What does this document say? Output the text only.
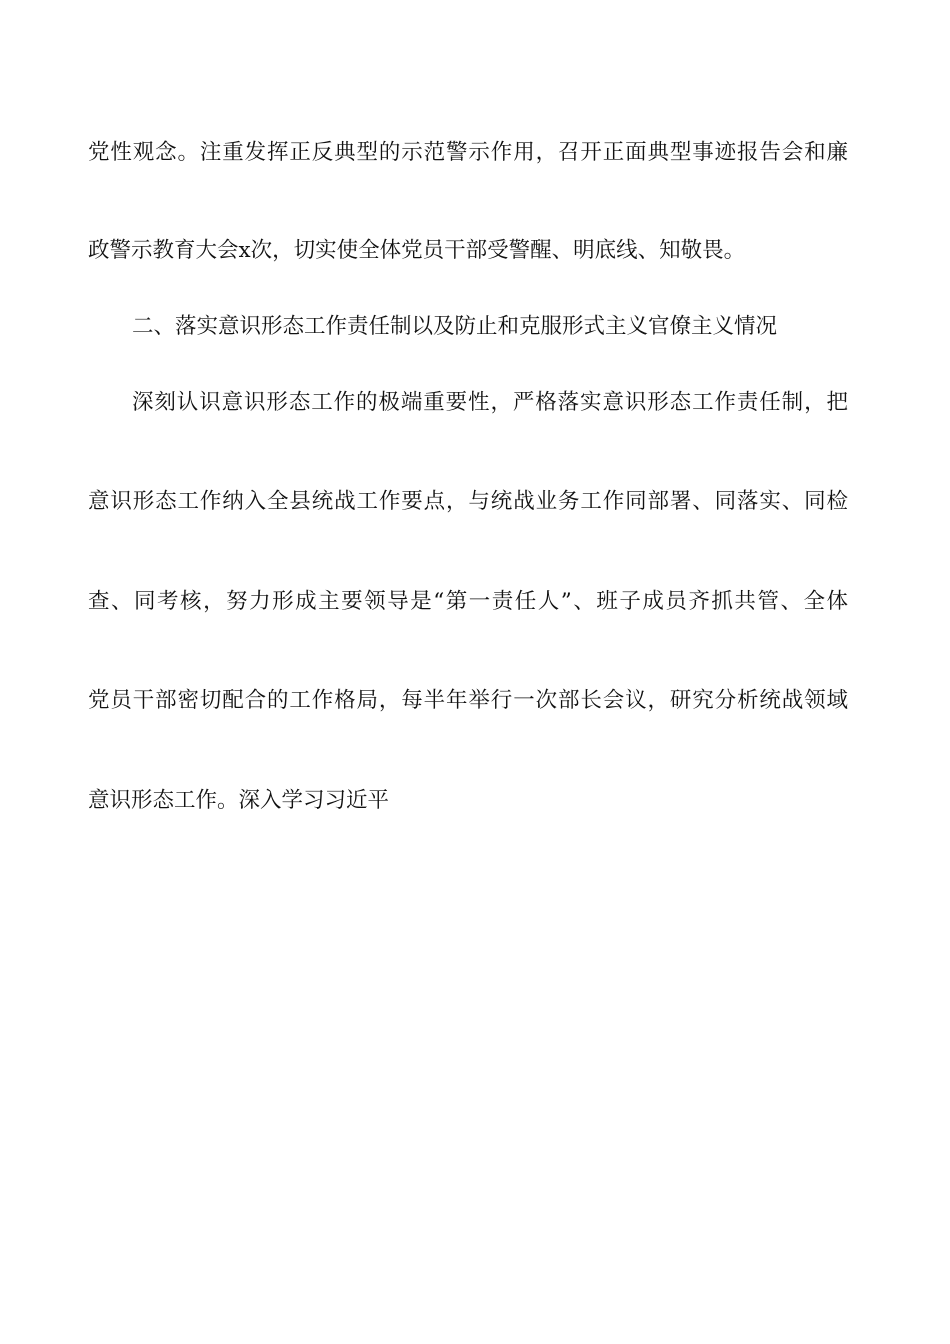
党性观念。注重发挥正反典型的示范警示作用，召开正面典型事迹报告会和廉
政警示教育大会x次，切实使全体党员干部受警醒、明底线、知敬畏。
二、落实意识形态工作责任制以及防止和克服形式主义官僚主义情况
深刻认识意识形态工作的极端重要性，严格落实意识形态工作责任制，把
意识形态工作纳入全县统战工作要点，与统战业务工作同部署、同落实、同检
查、同考核，努力形成主要领导是“第一责任人”、班子成员齐抓共管、全体
党员干部密切配合的工作格局，每半年举行一次部长会议，研究分析统战领域
意识形态工作。深入学习习近平
